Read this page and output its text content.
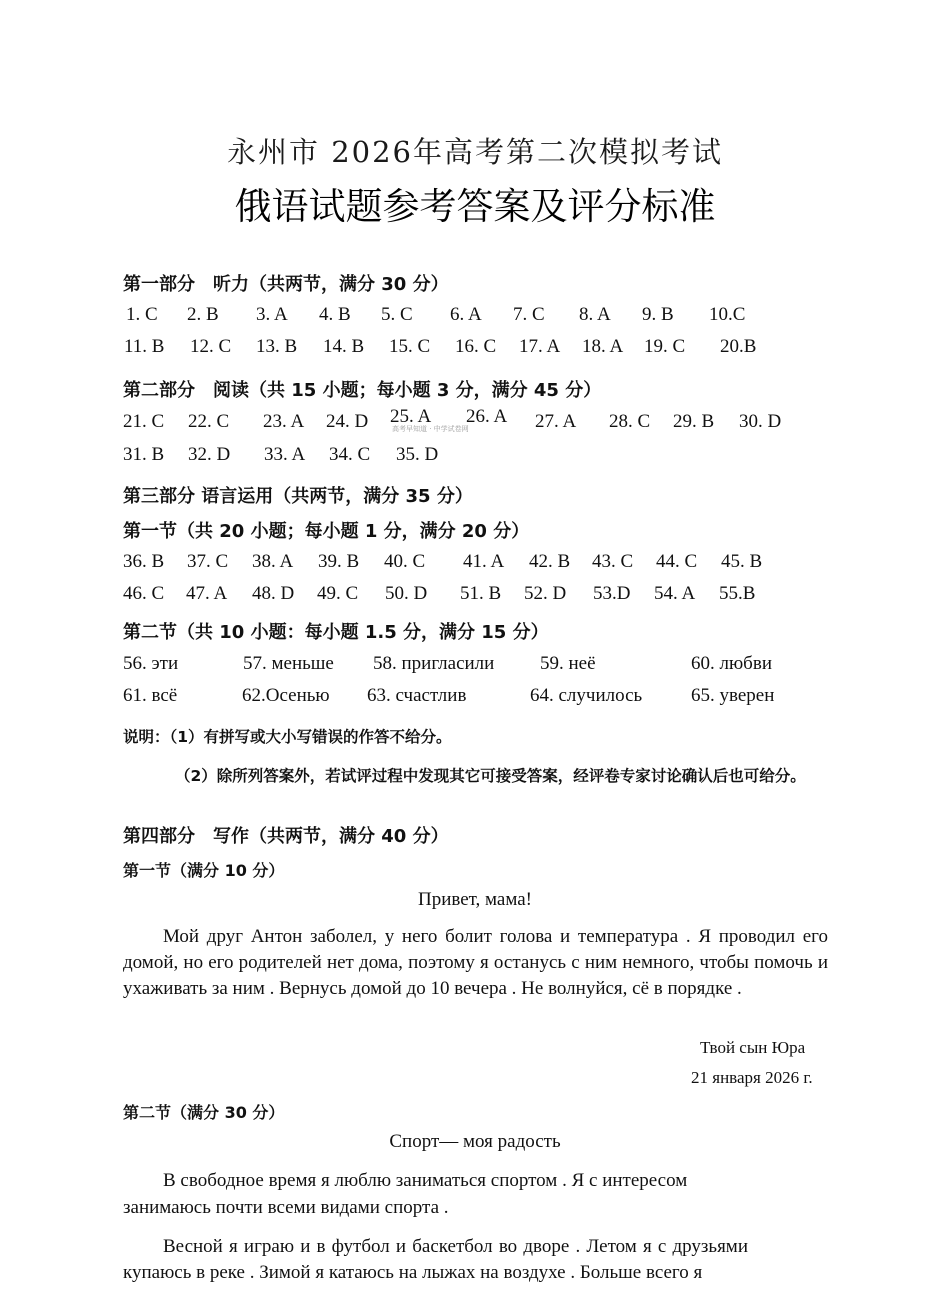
永州市 2026年高考第二次模拟考试
俄语试题参考答案及评分标准
第一部分　听力（共两节，满分 30 分）
1. C 2. B 3. A 4. B 5. C 6. A 7. C 8. A 9. B 10.C
11. B 12. C 13. B 14. B 15. C 16. C 17. A 18. A 19. C 20.B
第二部分　阅读（共 15 小题；每小题 3 分，满分 45 分）
21. C 22. C 23. A 24. D 25. A 26. A 27. A 28. C 29. B 30. D
高考早知道 · 中学试卷网
31. B 32. D 33. A 34. C 35. D
第三部分 语言运用（共两节，满分 35 分）
第一节（共 20 小题；每小题 1 分，满分 20 分）
36. B 37. C 38. A 39. B 40. C 41. A 42. B 43. C 44. C 45. B
46. C 47. A 48. D 49. C 50. D 51. B 52. D 53.D 54. A 55.B
第二节（共 10 小题：每小题 1.5 分，满分 15 分）
56. эти	57. меньше 58. пригласили 59. неё	60. любви
61. всё	62.Осенью 63. счастлив	64. случилось	65. уверен
说明：（1）有拼写或大小写错误的作答不给分。
（2）除所列答案外，若试评过程中发现其它可接受答案，经评卷专家讨论确认后也可给分。
第四部分　写作（共两节，满分 40 分）
第一节（满分 10 分）
Привет, мама!
Мой друг Антон заболел, у него болит голова и температура . Я проводил его домой, но его родителей нет дома, поэтому я останусь с ним немного, чтобы помочь и ухаживать за ним . Вернусь домой до 10 вечера . Не волнуйся, сё в порядке .
Твой сын Юра
21 января 2026 г.
第二节（满分 30 分）
Спорт— моя радость
В свободное время я люблю заниматься спортом . Я с интересом занимаюсь почти всеми видами спорта .
Весной я играю и в футбол и баскетбол во дворе . Летом я с друзьями купаюсь в реке . Зимой я катаюсь на лыжах на воздухе . Больше всего я
